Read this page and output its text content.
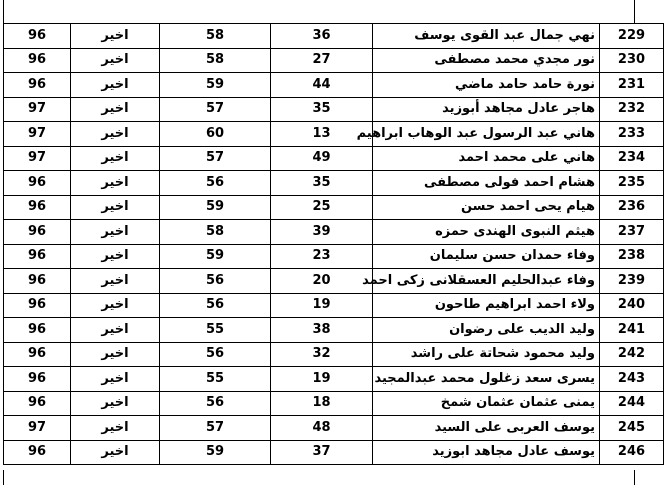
96	اخير	58	36	نهي جمال عبد القوى يوسف	229
96	اخير	58	27	نور مجدي محمد مصطفى	230
96	اخير	59	44	نورة حامد حامد ماضي	231
97	اخير	57	35	هاجر عادل مجاهد أبوزيد	232
97	اخير	60	13	هاني عبد الرسول عبد الوهاب ابراهيم	233
97	اخير	57	49	هاني على محمد احمد	234
96	اخير	56	35	هشام احمد فولى مصطفى	235
96	اخير	59	25	هيام يحى احمد حسن	236
96	اخير	58	39	هيثم النبوى الهندى حمزه	237
96	اخير	59	23	وفاء حمدان حسن سليمان	238
96	اخير	56	20	وفاء عبدالحليم العسقلانى زكى احمد	239
96	اخير	56	19	ولاء احمد ابراهيم طاحون	240
96	اخير	55	38	وليد الديب على رضوان	241
96	اخير	56	32	وليد محمود شحاتة على راشد	242
96	اخير	55	19	يسرى سعد زغلول محمد عبدالمجيد	243
96	اخير	56	18	يمنى عثمان عثمان شمخ	244
97	اخير	57	48	يوسف العربى على السيد	245
96	اخير	59	37	يوسف عادل مجاهد ابوزيد	246
